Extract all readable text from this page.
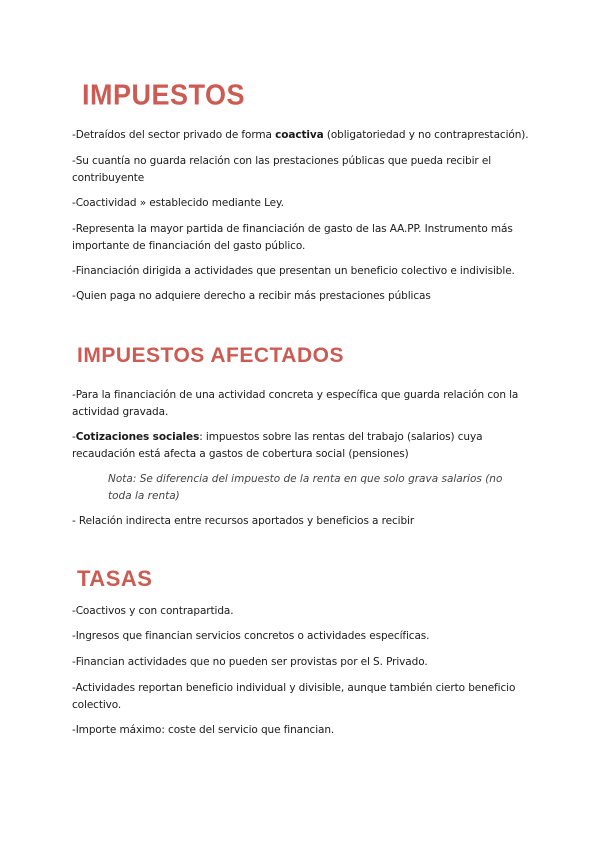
IMPUESTOS

-Detraídos del sector privado de forma coactiva (obligatoriedad y no contraprestación).

-Su cuantía no guarda relación con las prestaciones públicas que pueda recibir el contribuyente

-Coactividad » establecido mediante Ley.

-Representa la mayor partida de financiación de gasto de las AA.PP. Instrumento más importante de financiación del gasto público.

-Financiación dirigida a actividades que presentan un beneficio colectivo e indivisible.

-Quien paga no adquiere derecho a recibir más prestaciones públicas

IMPUESTOS AFECTADOS

-Para la financiación de una actividad concreta y específica que guarda relación con la actividad gravada.

-Cotizaciones sociales: impuestos sobre las rentas del trabajo (salarios) cuya recaudación está afecta a gastos de cobertura social (pensiones)

Nota: Se diferencia del impuesto de la renta en que solo grava salarios (no toda la renta)

- Relación indirecta entre recursos aportados y beneficios a recibir

TASAS

-Coactivos y con contrapartida.

-Ingresos que financian servicios concretos o actividades específicas.

-Financian actividades que no pueden ser provistas por el S. Privado.

-Actividades reportan beneficio individual y divisible, aunque también cierto beneficio colectivo.

-Importe máximo: coste del servicio que financian.
